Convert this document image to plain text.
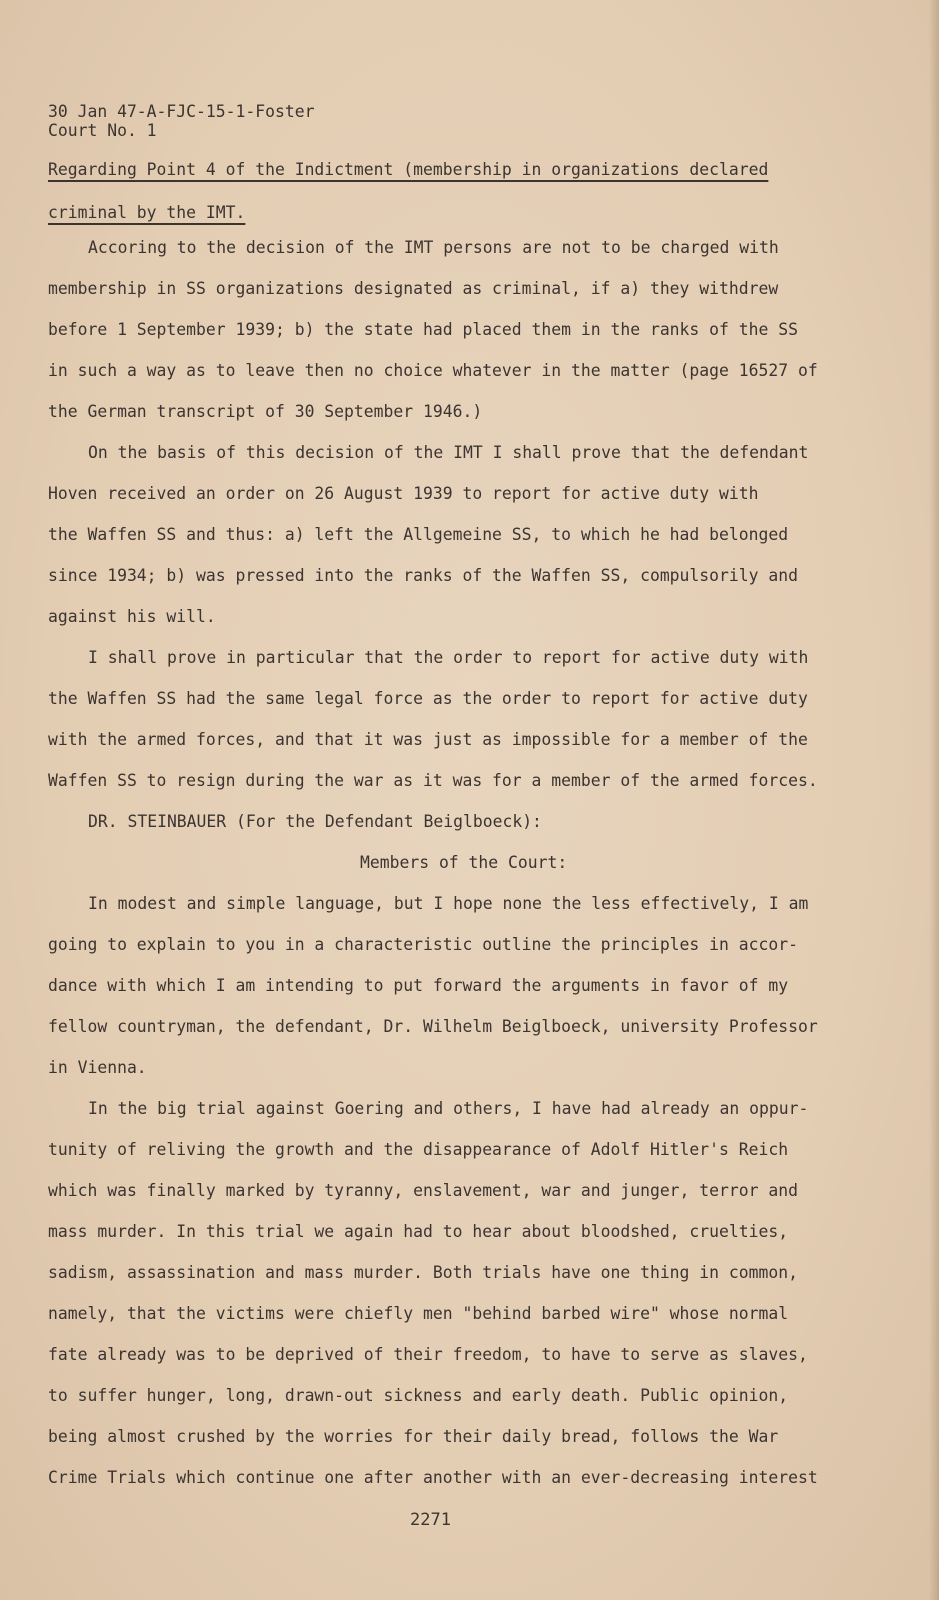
30 Jan 47-A-FJC-15-1-Foster
Court No. 1
Regarding Point 4 of the Indictment (membership in organizations declared
criminal by the IMT.
Accoring to the decision of the IMT persons are not to be charged with
membership in SS organizations designated as criminal, if a) they withdrew
before 1 September 1939; b) the state had placed them in the ranks of the SS
in such a way as to leave then no choice whatever in the matter (page 16527 of
the German transcript of 30 September 1946.)
On the basis of this decision of the IMT I shall prove that the defendant
Hoven received an order on 26 August 1939 to report for active duty with
the Waffen SS and thus: a) left the Allgemeine SS, to which he had belonged
since 1934; b) was pressed into the ranks of the Waffen SS, compulsorily and
against his will.
I shall prove in particular that the order to report for active duty with
the Waffen SS had the same legal force as the order to report for active duty
with the armed forces, and that it was just as impossible for a member of the
Waffen SS to resign during the war as it was for a member of the armed forces.
DR. STEINBAUER (For the Defendant Beiglboeck):
Members of the Court:
In modest and simple language, but I hope none the less effectively, I am
going to explain to you in a characteristic outline the principles in accor-
dance with which I am intending to put forward the arguments in favor of my
fellow countryman, the defendant, Dr. Wilhelm Beiglboeck, university Professor
in Vienna.
In the big trial against Goering and others, I have had already an oppur-
tunity of reliving the growth and the disappearance of Adolf Hitler's Reich
which was finally marked by tyranny, enslavement, war and junger, terror and
mass murder. In this trial we again had to hear about bloodshed, cruelties,
sadism, assassination and mass murder. Both trials have one thing in common,
namely, that the victims were chiefly men "behind barbed wire" whose normal
fate already was to be deprived of their freedom, to have to serve as slaves,
to suffer hunger, long, drawn-out sickness and early death. Public opinion,
being almost crushed by the worries for their daily bread, follows the War
Crime Trials which continue one after another with an ever-decreasing interest
2271
